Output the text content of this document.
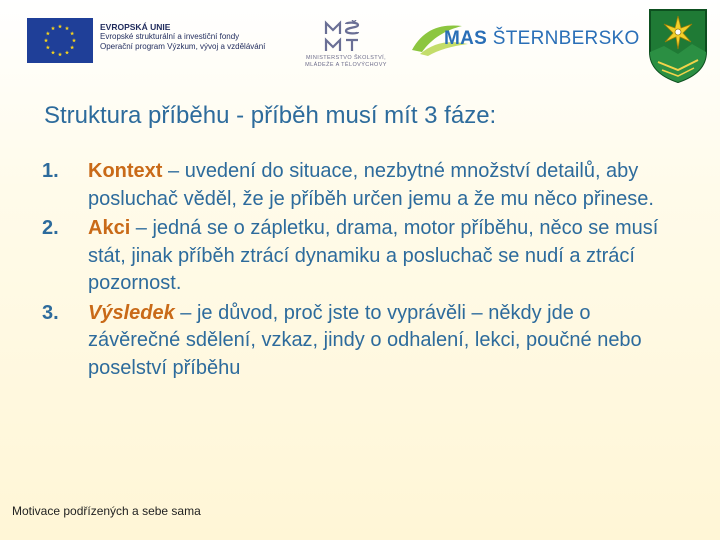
EVROPSKÁ UNIE
Evropské strukturální a investiční fondy
Operační program Výzkum, vývoj a vzdělávání
MINISTERSTVO ŠKOLSTVÍ,
MLÁDEŽE A TĚLOVÝCHOVY
MAS ŠTERNBERSKO
Struktura příběhu - příběh musí mít 3 fáze:
1.	Kontext – uvedení do situace, nezbytné množství detailů, aby posluchač věděl, že je příběh určen jemu a že mu něco přinese.
2.	Akci – jedná se o zápletku, drama, motor příběhu, něco se musí stát, jinak příběh ztrácí dynamiku a posluchač se nudí a ztrácí pozornost.
3.	Výsledek – je důvod, proč jste to vyprávěli – někdy jde o závěrečné sdělení, vzkaz, jindy o odhalení, lekci, poučné nebo poselství příběhu
Motivace podřízených a sebe sama
